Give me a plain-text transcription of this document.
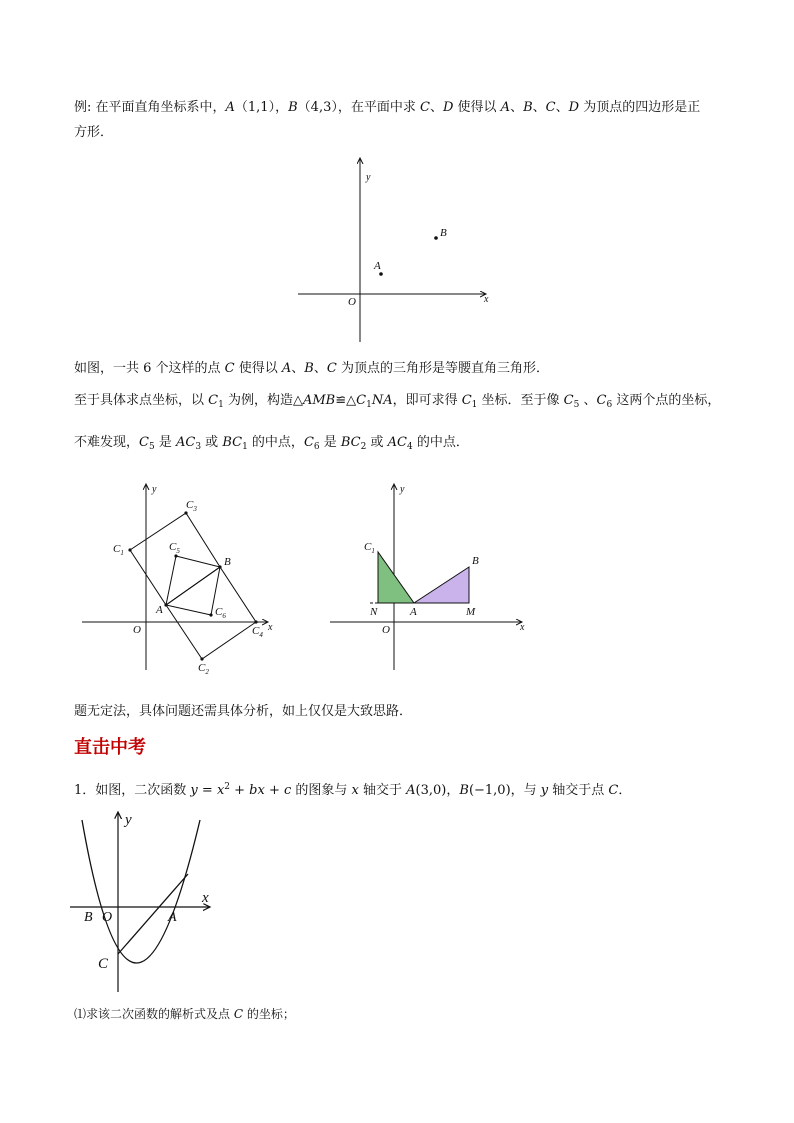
例: 在平面直角坐标系中，A（1,1），B（4,3），在平面中求 C、D 使得以 A、B、C、D 为顶点的四边形是正
方形．
y
x
O
A
B
如图，一共 6 个这样的点 C 使得以 A、B、C 为顶点的三角形是等腰直角三角形．
至于具体求点坐标，以 $C_1$ 为例，构造$\triangle AMB≌\triangle C_1NA$，即可求得 $C_1$ 坐标．至于像 $C_5$ 、$C_6$ 这两个点的坐标，
不难发现，$C_5$ 是 $AC_3$ 或 $BC_1$ 的中点，$C_6$ 是 $BC_2$ 或 $AC_4$ 的中点．
y
x
O
A
B
$C_1$
$C_2$
$C_3$
$C_4$
$C_5$
$C_6$
y
x
O
$C_1$
B
N	A	M
题无定法，具体问题还需具体分析，如上仅仅是大致思路．
直击中考
1．如图，二次函数 $y = x^2$ + bx + c 的图象与 x 轴交于 A(3,0)，B(−1,0)，与 y 轴交于点 C．
y
x
B O	A
C
⑴求该二次函数的解析式及点 C 的坐标；
